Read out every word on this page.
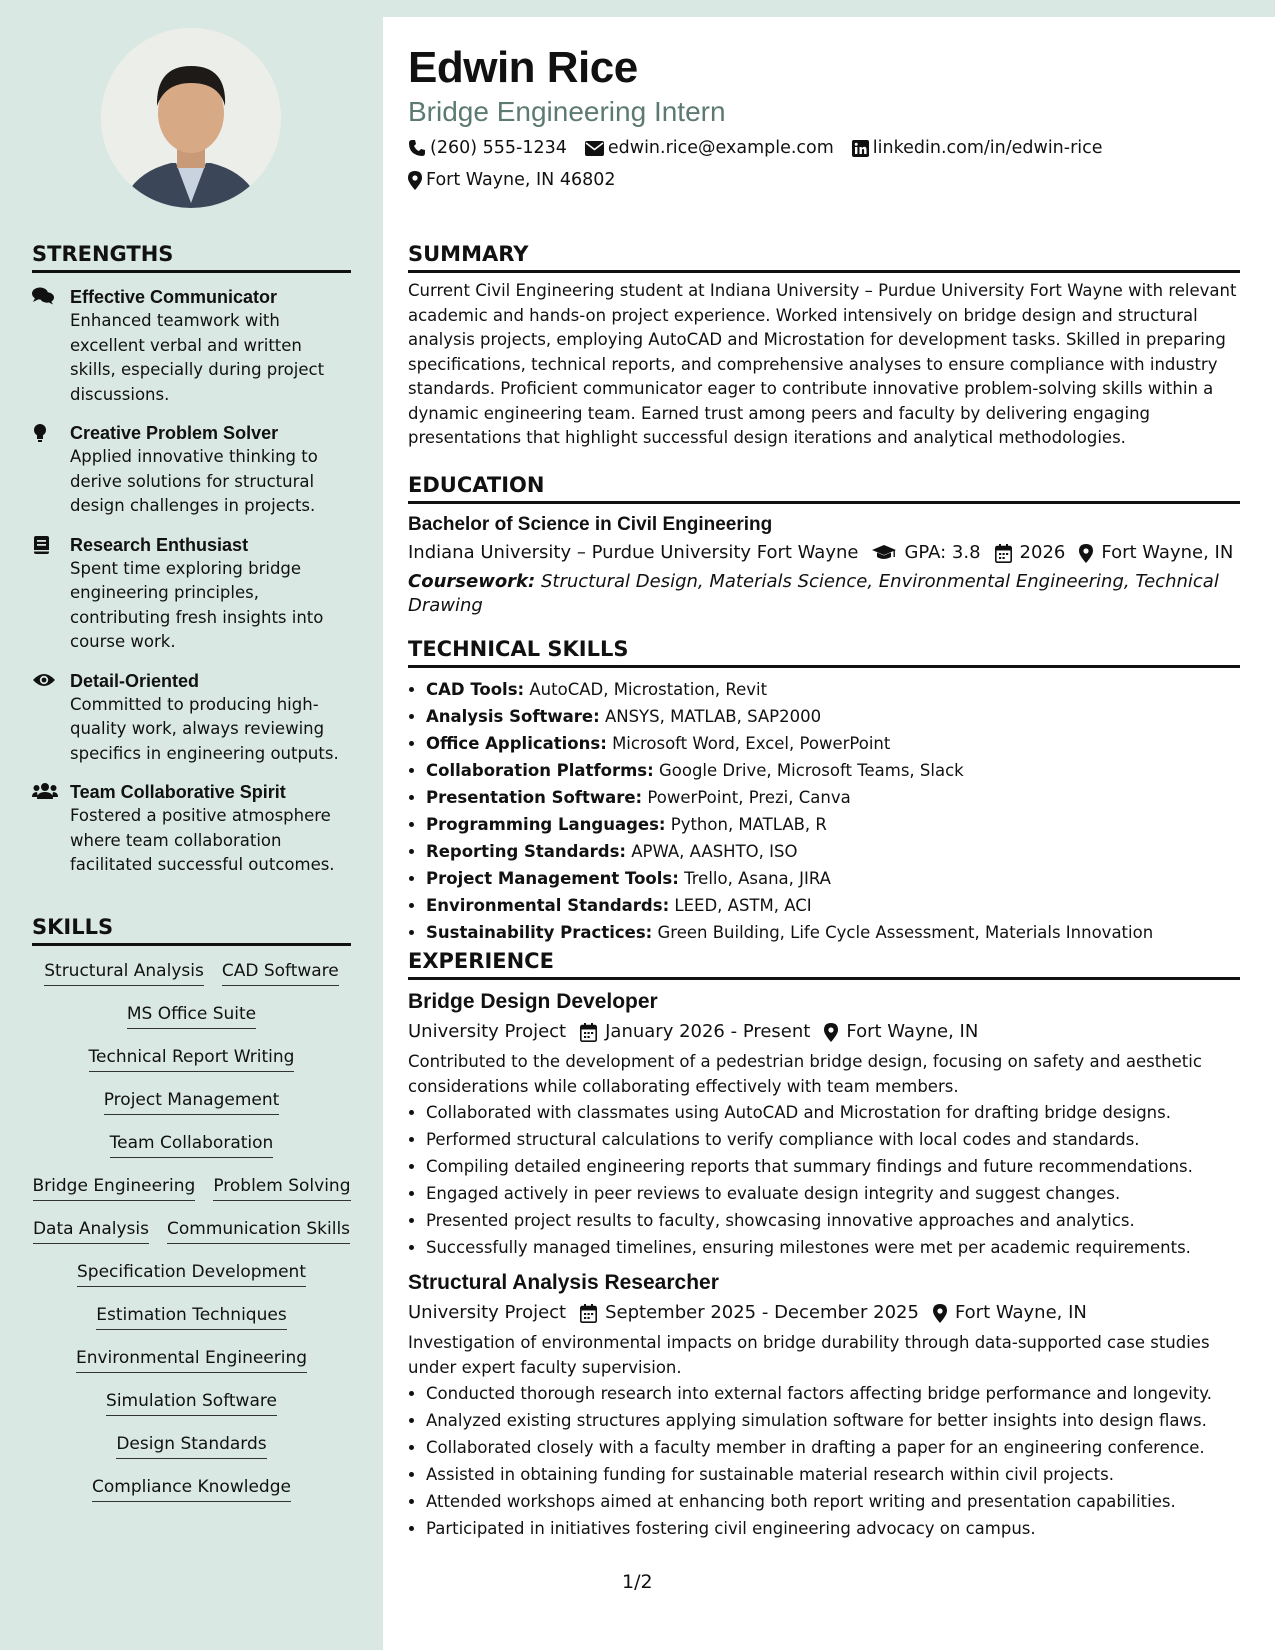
STRENGTHS
Effective Communicator
Enhanced teamwork with excellent verbal and written skills, especially during project discussions.
Creative Problem Solver
Applied innovative thinking to derive solutions for structural design challenges in projects.
Research Enthusiast
Spent time exploring bridge engineering principles, contributing fresh insights into course work.
Detail-Oriented
Committed to producing high-quality work, always reviewing specifics in engineering outputs.
Team Collaborative Spirit
Fostered a positive atmosphere where team collaboration facilitated successful outcomes.
SKILLS
Structural Analysis CAD Software
MS Office Suite
Technical Report Writing
Project Management
Team Collaboration
Bridge Engineering Problem Solving
Data Analysis Communication Skills
Specification Development
Estimation Techniques
Environmental Engineering
Simulation Software
Design Standards
Compliance Knowledge
Edwin Rice
Bridge Engineering Intern
(260) 555-1234 edwin.rice@example.com linkedin.com/in/edwin-rice
Fort Wayne, IN 46802
SUMMARY

Current Civil Engineering student at Indiana University – Purdue University Fort Wayne with relevant academic and hands-on project experience. Worked intensively on bridge design and structural analysis projects, employing AutoCAD and Microstation for development tasks. Skilled in preparing specifications, technical reports, and comprehensive analyses to ensure compliance with industry standards. Proficient communicator eager to contribute innovative problem-solving skills within a dynamic engineering team. Earned trust among peers and faculty by delivering engaging presentations that highlight successful design iterations and analytical methodologies.

EDUCATION
Bachelor of Science in Civil Engineering
Indiana University – Purdue University Fort Wayne	GPA: 3.8 2026 Fort Wayne, IN
Coursework: Structural Design, Materials Science, Environmental Engineering, Technical Drawing
TECHNICAL SKILLS
• CAD Tools: AutoCAD, Microstation, Revit
• Analysis Software: ANSYS, MATLAB, SAP2000
• Office Applications: Microsoft Word, Excel, PowerPoint
• Collaboration Platforms: Google Drive, Microsoft Teams, Slack
• Presentation Software: PowerPoint, Prezi, Canva
• Programming Languages: Python, MATLAB, R
• Reporting Standards: APWA, AASHTO, ISO
• Project Management Tools: Trello, Asana, JIRA
• Environmental Standards: LEED, ASTM, ACI
• Sustainability Practices: Green Building, Life Cycle Assessment, Materials Innovation
EXPERIENCE
Bridge Design Developer
University Project January 2026 - Present Fort Wayne, IN

Contributed to the development of a pedestrian bridge design, focusing on safety and aesthetic considerations while collaborating effectively with team members.

• Collaborated with classmates using AutoCAD and Microstation for drafting bridge designs.
• Performed structural calculations to verify compliance with local codes and standards.
• Compiling detailed engineering reports that summary findings and future recommendations.
• Engaged actively in peer reviews to evaluate design integrity and suggest changes.
• Presented project results to faculty, showcasing innovative approaches and analytics.
• Successfully managed timelines, ensuring milestones were met per academic requirements.
Structural Analysis Researcher
University Project September 2025 - December 2025 Fort Wayne, IN

Investigation of environmental impacts on bridge durability through data-supported case studies under expert faculty supervision.

• Conducted thorough research into external factors affecting bridge performance and longevity.
• Analyzed existing structures applying simulation software for better insights into design flaws.
• Collaborated closely with a faculty member in drafting a paper for an engineering conference.
• Assisted in obtaining funding for sustainable material research within civil projects.
• Attended workshops aimed at enhancing both report writing and presentation capabilities.
• Participated in initiatives fostering civil engineering advocacy on campus.
1/2
